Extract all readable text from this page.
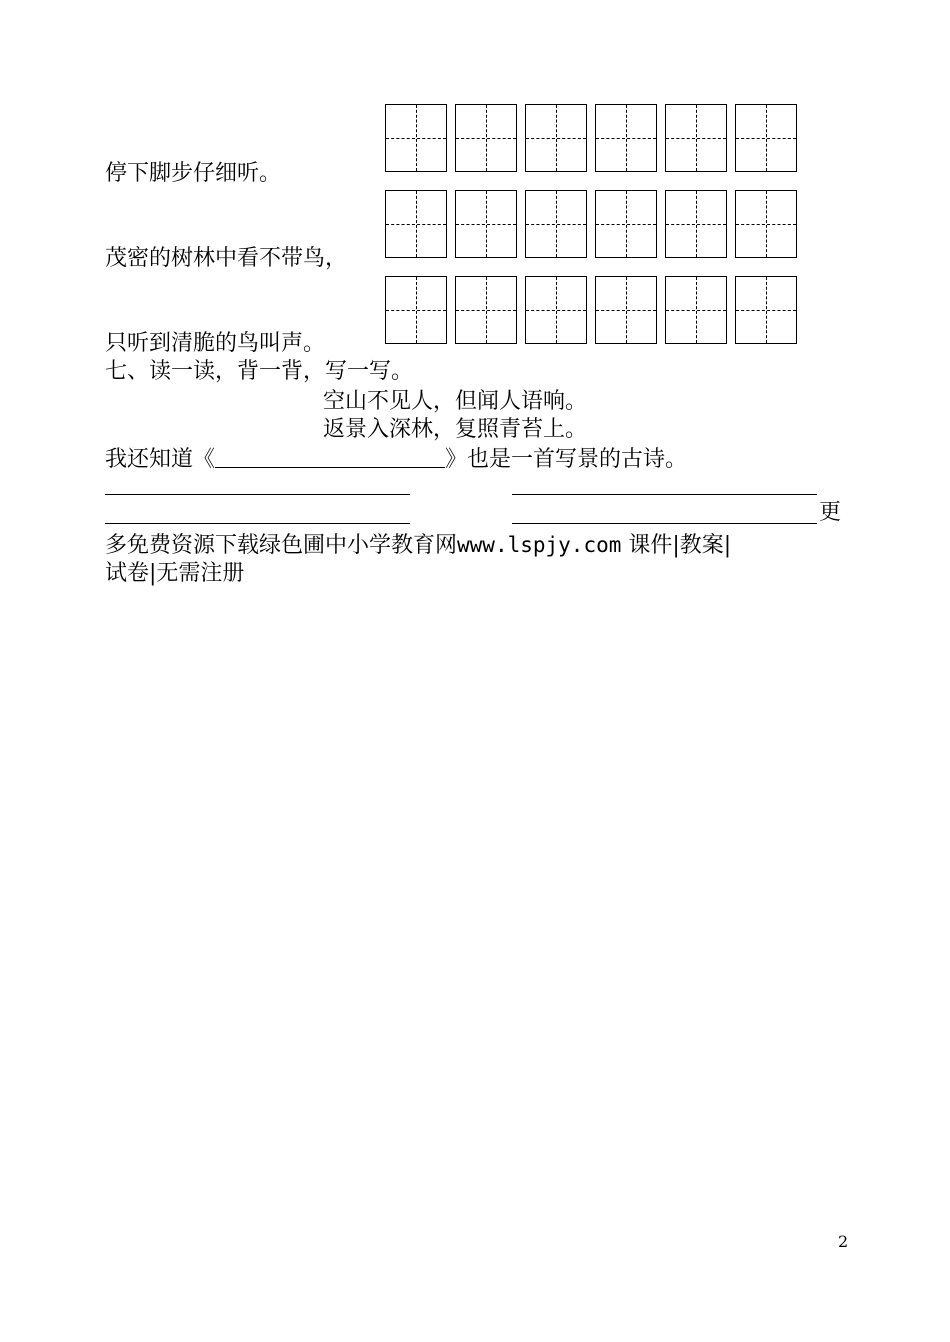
停下脚步仔细听。
茂密的树林中看不带鸟，
只听到清脆的鸟叫声。
七、读一读，背一背，写一写。
空山不见人，但闻人语响。
返景入深林，复照青苔上。
我还知道《	》也是一首写景的古诗。
更
多免费资源下载绿色圃中小学教育网www.lspjy.com 课件|教案|
试卷|无需注册
2
